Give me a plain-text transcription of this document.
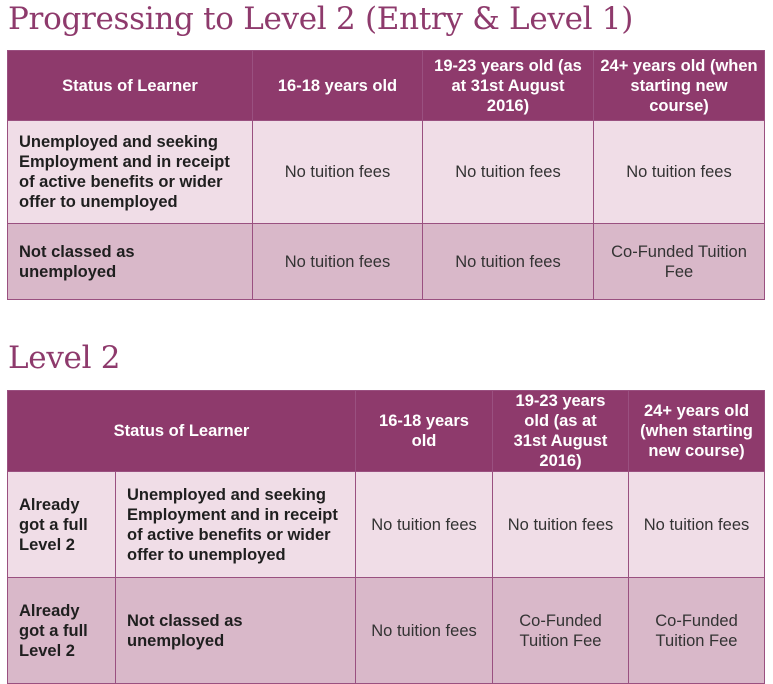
Progressing to Level 2 (Entry & Level 1)
Status of Learner	16-18 years old	19-23 years old (as at 31st August 2016)	24+ years old (when starting new course)
Unemployed and seeking Employment and in receipt of active benefits or wider offer to unemployed	No tuition fees	No tuition fees	No tuition fees
Not classed as unemployed	No tuition fees	No tuition fees	Co-Funded Tuition Fee
Level 2
Status of Learner		16-18 years old	19-23 years old (as at 31st August 2016)	24+ years old (when starting new course)
Already got a full Level 2	Unemployed and seeking Employment and in receipt of active benefits or wider offer to unemployed	No tuition fees	No tuition fees	No tuition fees
Already got a full Level 2	Not classed as unemployed	No tuition fees	Co-Funded Tuition Fee	Co-Funded Tuition Fee
